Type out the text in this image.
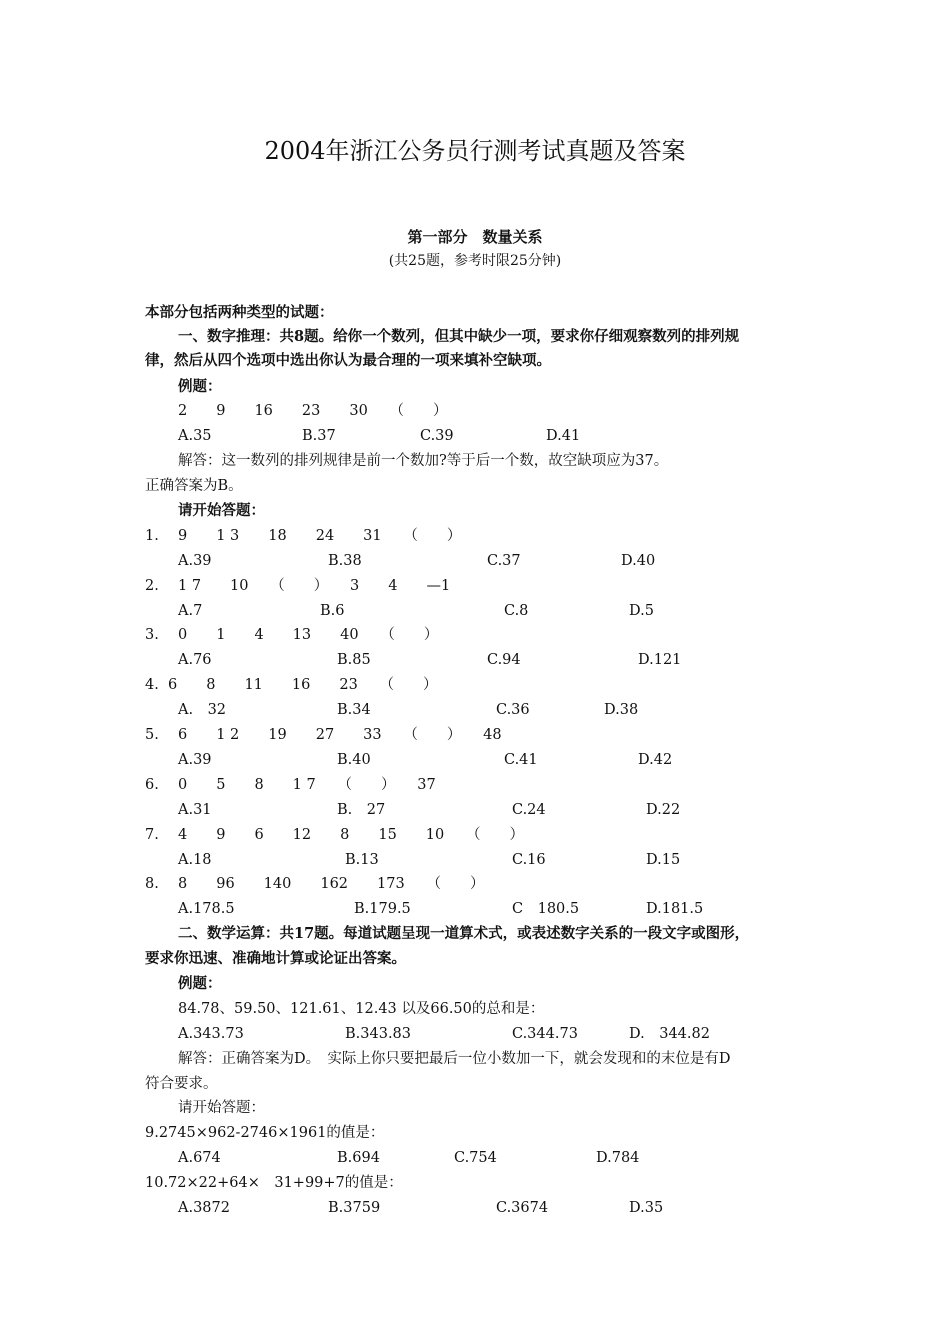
2004年浙江公务员行测考试真题及答案
第一部分　数量关系
(共25题，参考时限25分钟)
本部分包括两种类型的试题：
一、数字推理：共8题。给你一个数列，但其中缺少一项，要求你仔细观察数列的排列规
律，然后从四个选项中选出你认为最合理的一项来填补空缺项。
例题：
2　　9　　16　　23　　30　　（　　）
A.35	B.37	C.39	D.41
解答：这一数列的排列规律是前一个数加?等于后一个数，故空缺项应为37。
正确答案为B。
请开始答题：
1. 9　　1 3　　18　　24　　31　　（　　）
A.39	B.38	C.37	D.40
2. 1 7　　10　　（　　）　　3　　4　　—1
A.7	B.6	C.8	D.5
3. 0　　1　　4　　13　　40　　（　　）
A.76	B.85	C.94	D.121
4. 6　　8　　11　　16　　23　　（　　）
A.　32	B.34	C.36	D.38
5. 6　　1 2　　19　　27　　33　　（　　）　　48
A.39	B.40	C.41	D.42
6. 0　　5　　8　　1 7　　（　　）　　37
A.31	B.　27	C.24	D.22
7. 4　　9　　6　　12　　8　　15　　10　　（　　）
A.18	B.13	C.16	D.15
8. 8　　96　　140　　162　　173　　（　　）
A.178.5	B.179.5	C　180.5	D.181.5
二、数学运算：共17题。每道试题呈现一道算术式，或表述数字关系的一段文字或图形，
要求你迅速、准确地计算或论证出答案。
例题：
84.78、59.50、121.61、12.43 以及66.50的总和是：
A.343.73	B.343.83	C.344.73	D.　344.82
解答：正确答案为D。　实际上你只要把最后一位小数加一下，就会发现和的末位是有D
符合要求。
请开始答题：
9.2745×962-2746×1961的值是：
A.674	B.694	C.754	D.784
10.72×22+64×　31+99+7的值是：
A.3872	B.3759	C.3674	D.35
